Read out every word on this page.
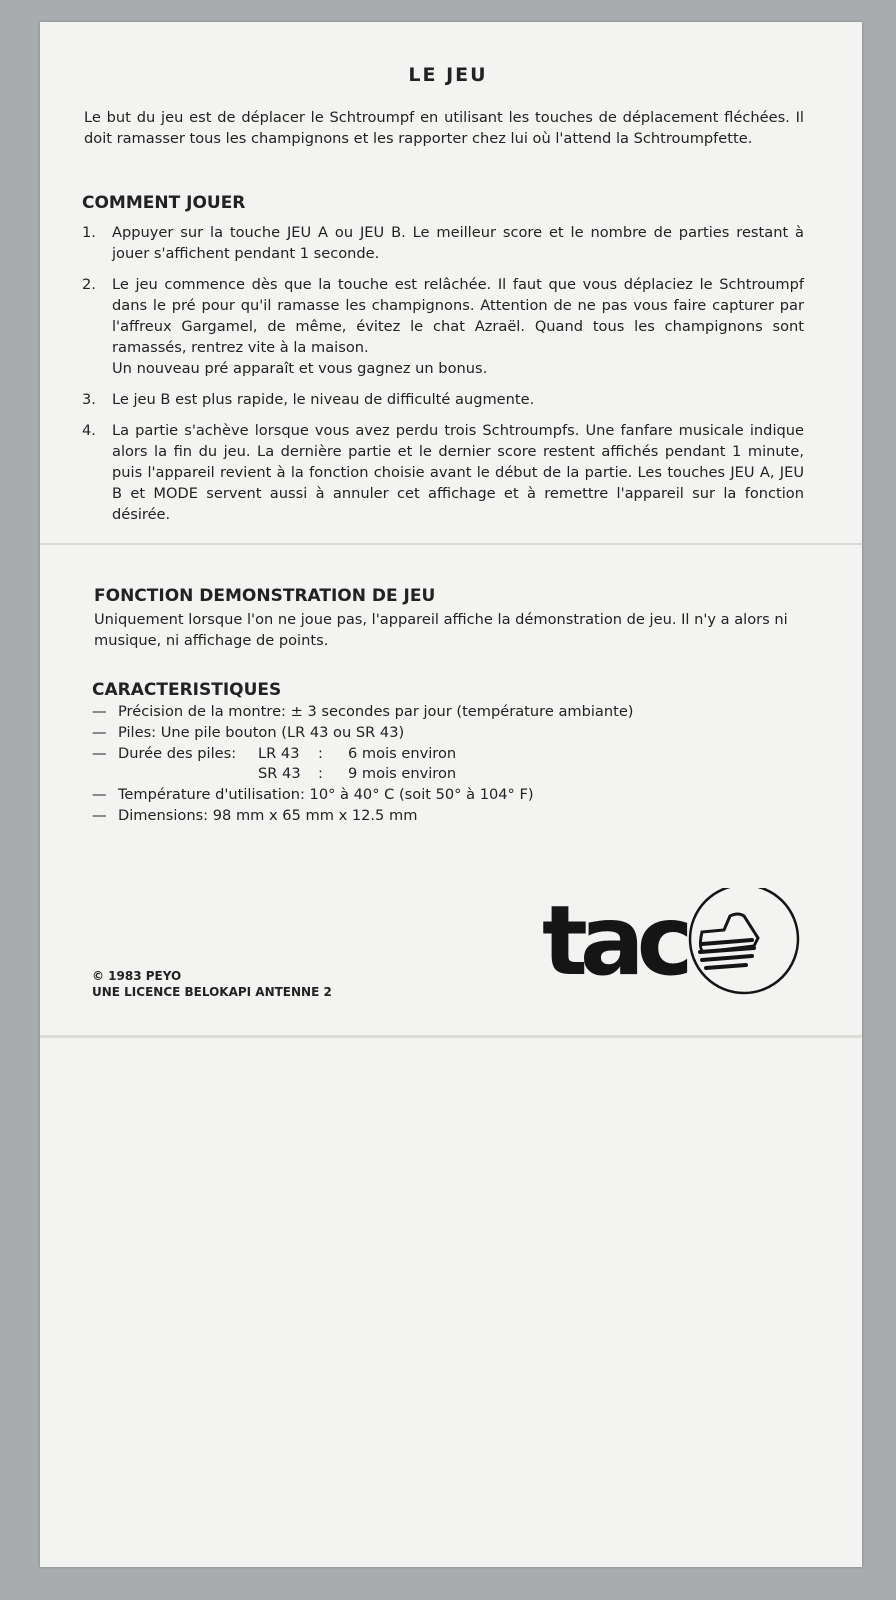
LE JEU
Le but du jeu est de déplacer le Schtroumpf en utilisant les touches de déplacement fléchées. Il doit ramasser tous les champignons et les rapporter chez lui où l'attend la Schtroumpfette.
COMMENT JOUER
1.	Appuyer sur la touche JEU A ou JEU B. Le meilleur score et le nombre de parties restant à jouer s'affichent pendant 1 seconde.
2.	Le jeu commence dès que la touche est relâchée. Il faut que vous déplaciez le Schtroumpf dans le pré pour qu'il ramasse les champignons. Attention de ne pas vous faire capturer par l'affreux Gargamel, de même, évitez le chat Azraël. Quand tous les champignons sont ramassés, rentrez vite à la maison.
Un nouveau pré apparaît et vous gagnez un bonus.
3.	Le jeu B est plus rapide, le niveau de difficulté augmente.
4.	La partie s'achève lorsque vous avez perdu trois Schtroumpfs. Une fanfare musicale indique alors la fin du jeu. La dernière partie et le dernier score restent affichés pendant 1 minute, puis l'appareil revient à la fonction choisie avant le début de la partie. Les touches JEU A, JEU B et MODE servent aussi à annuler cet affichage et à remettre l'appareil sur la fonction désirée.
FONCTION DEMONSTRATION DE JEU
Uniquement lorsque l'on ne joue pas, l'appareil affiche la démonstration de jeu. Il n'y a alors ni musique, ni affichage de points.
CARACTERISTIQUES
— Précision de la montre: ± 3 secondes par jour (température ambiante)
— Piles: Une pile bouton (LR 43 ou SR 43)
— Durée des piles:	LR 43	:	6 mois environ
SR 43	:	9 mois environ
— Température d'utilisation: 10° à 40° C (soit 50° à 104° F)
— Dimensions: 98 mm x 65 mm x 12.5 mm
© 1983 PEYO
UNE LICENCE BELOKAPI ANTENNE 2 tac
